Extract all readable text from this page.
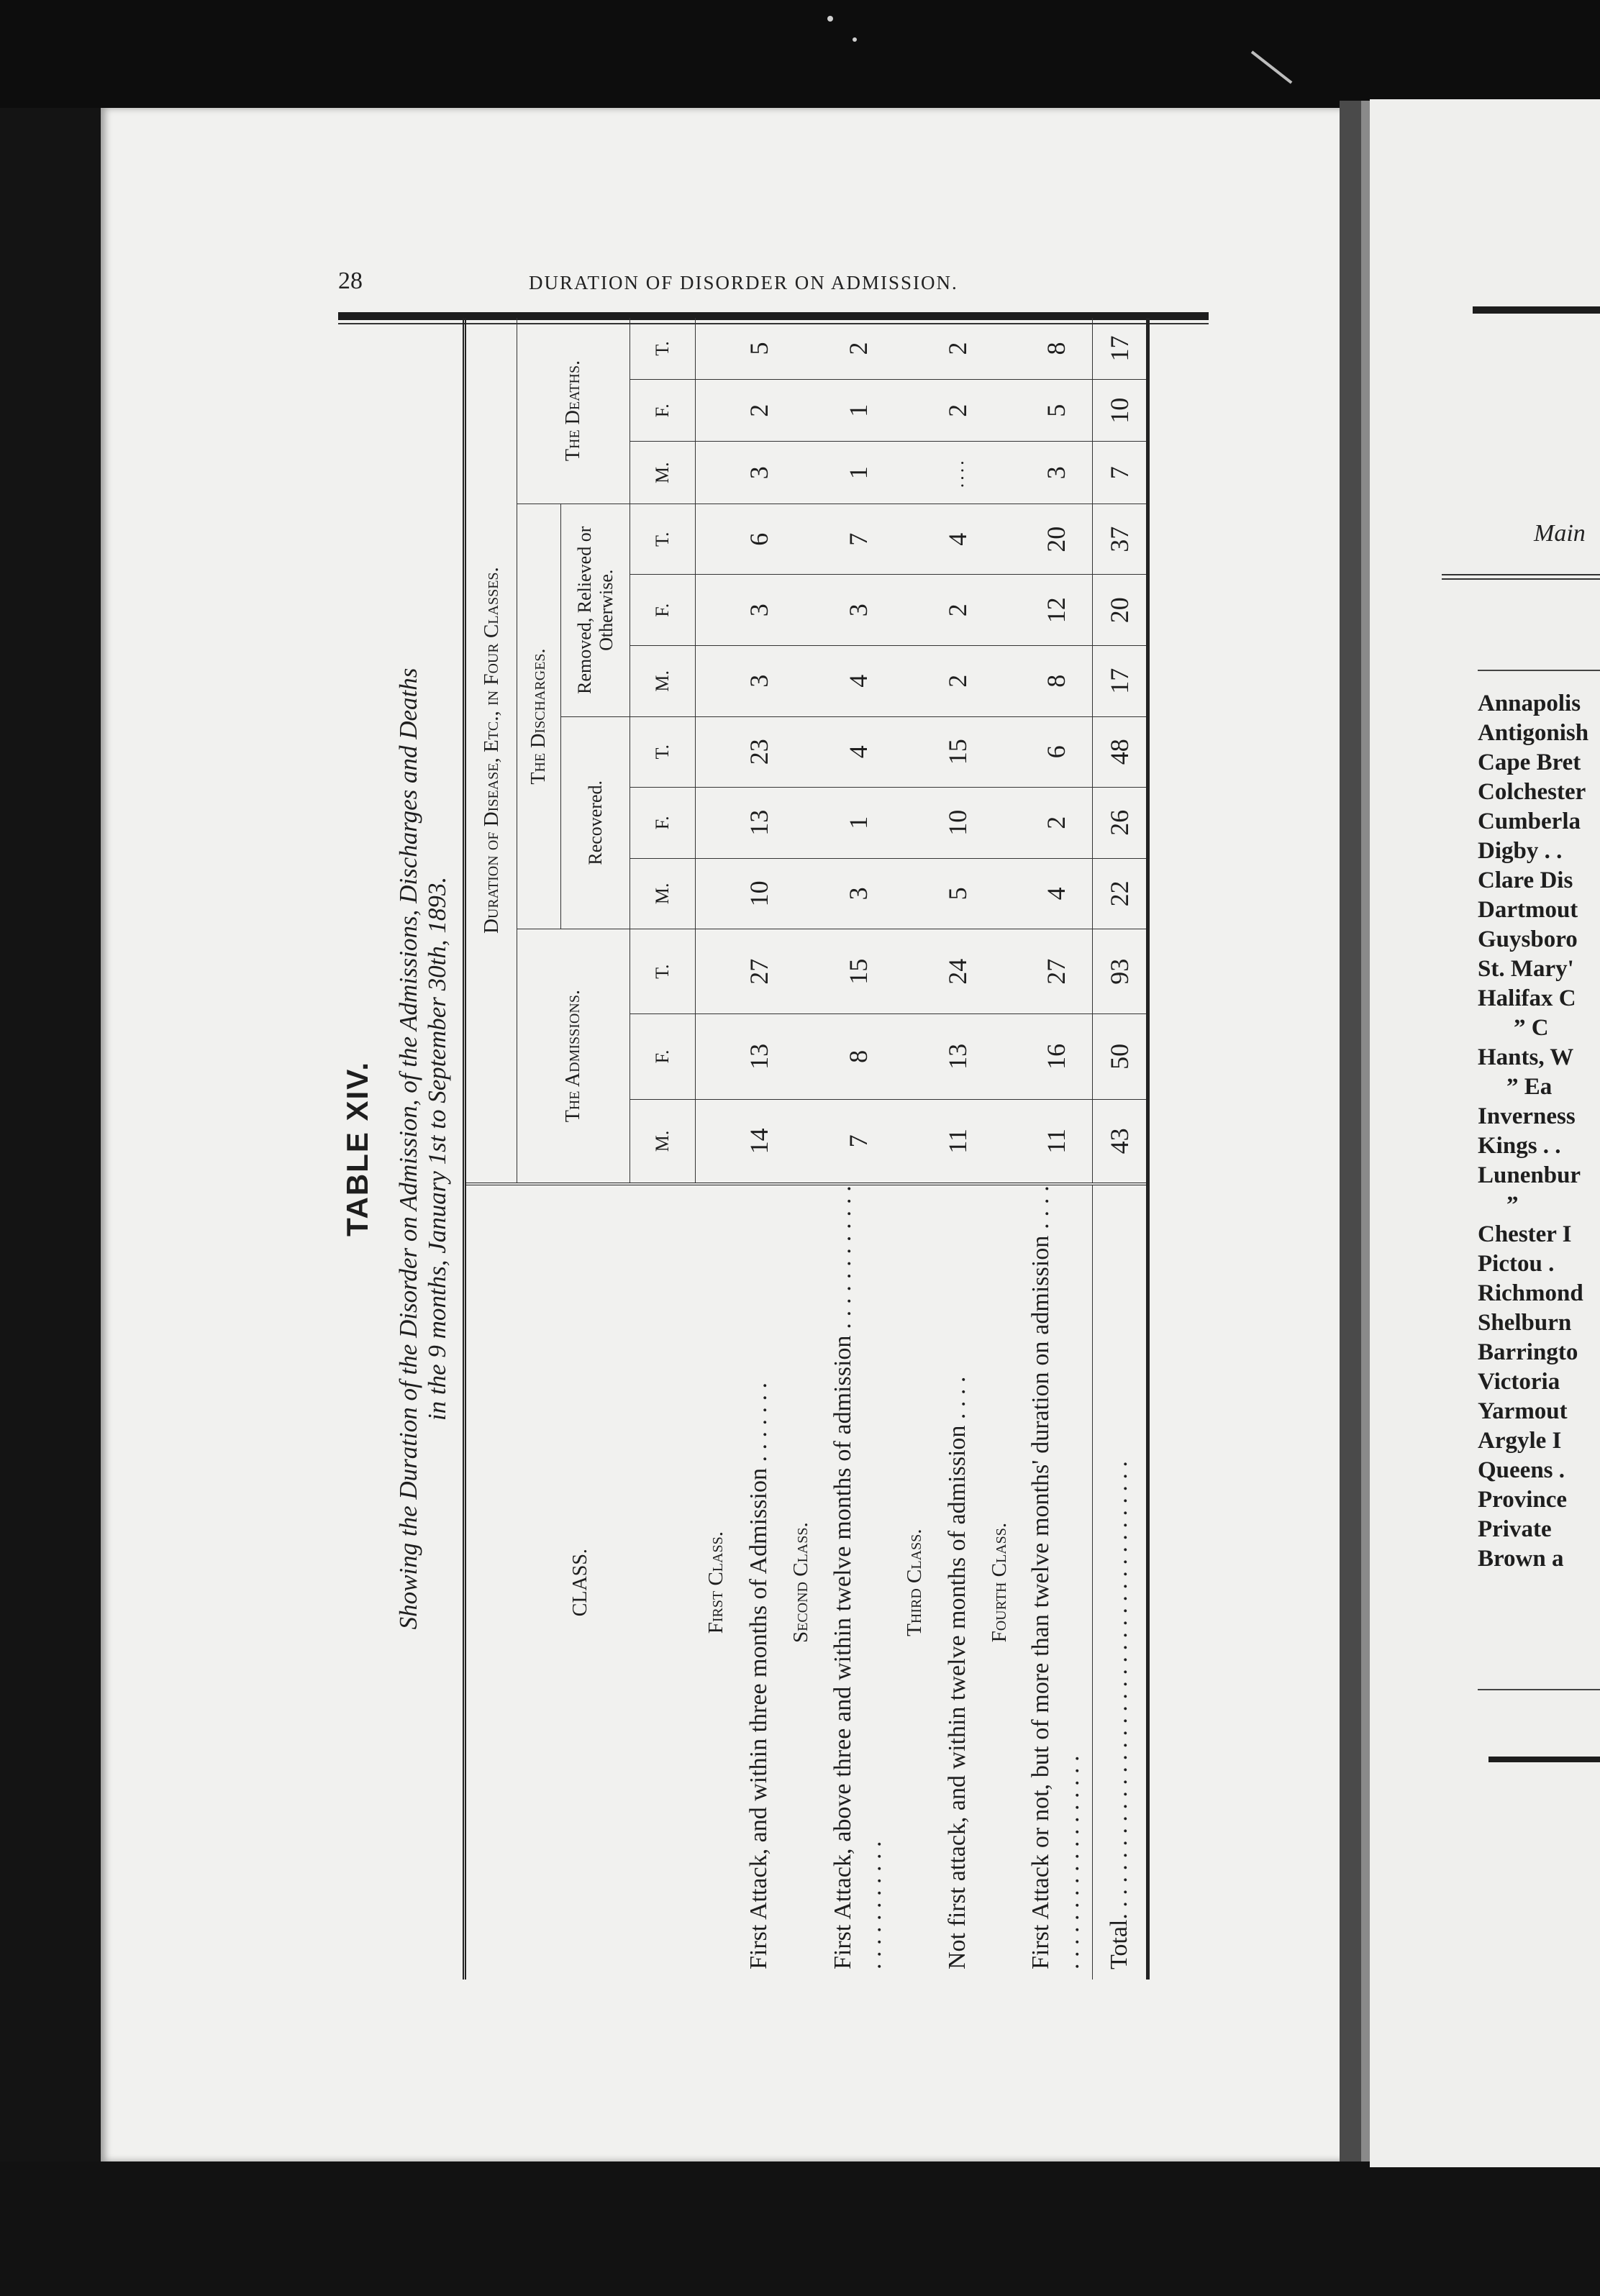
28	DURATION OF DISORDER ON ADMISSION.
TABLE XIV. Showing the Duration of the Disorder on Admission, of the Admissions, Discharges and Deaths in the 9 months, January 1st to September 30th, 1893.
CLASS.	Duration of Disease, Etc., in Four Classes.											
	The Admissions.			The Discharges.						The Deaths.		
				Recovered.			Removed, Relieved or Otherwise.					
	M.	F.	T.	M.	F.	T.	M.	F.	T.	M.	F.	T.
First Class.												
First Attack, and within three months of Admission . . . . . . .	14	13	27	10	13	23	3	3	6	3	2	5
Second Class.												
First Attack, above three and within twelve months of admission . . . . . . . . . . . . . . . . . . . . . . .	7	8	15	3	1	4	4	3	7	1	1	2
Third Class.												
Not first attack, and within twelve months of admission . . . .	11	13	24	5	10	15	2	2	4	....	2	2
Fourth Class.												
First Attack or not, but of more than twelve months' duration on admission . . . . . . . . . . . . . . . . . . . . . .	11	16	27	4	2	6	8	12	20	3	5	8
Total. . . . . . . . . . . . . . . . . . . . . . . . . . . . . . . . . . . . . .	43	50	93	22	26	48	17	20	37	7	10	17
Main
Annapolis
Antigonish
Cape Bret
Colchester
Cumberla
Digby . .
Clare Dis
Dartmout
Guysboro
St. Mary'
Halifax C
” C
Hants, W
” Ea
Inverness
Kings . .
Lunenbur
”
Chester I
Pictou .
Richmond
Shelburn
Barringto
Victoria
Yarmout
Argyle I
Queens .
Province
Private
Brown a
